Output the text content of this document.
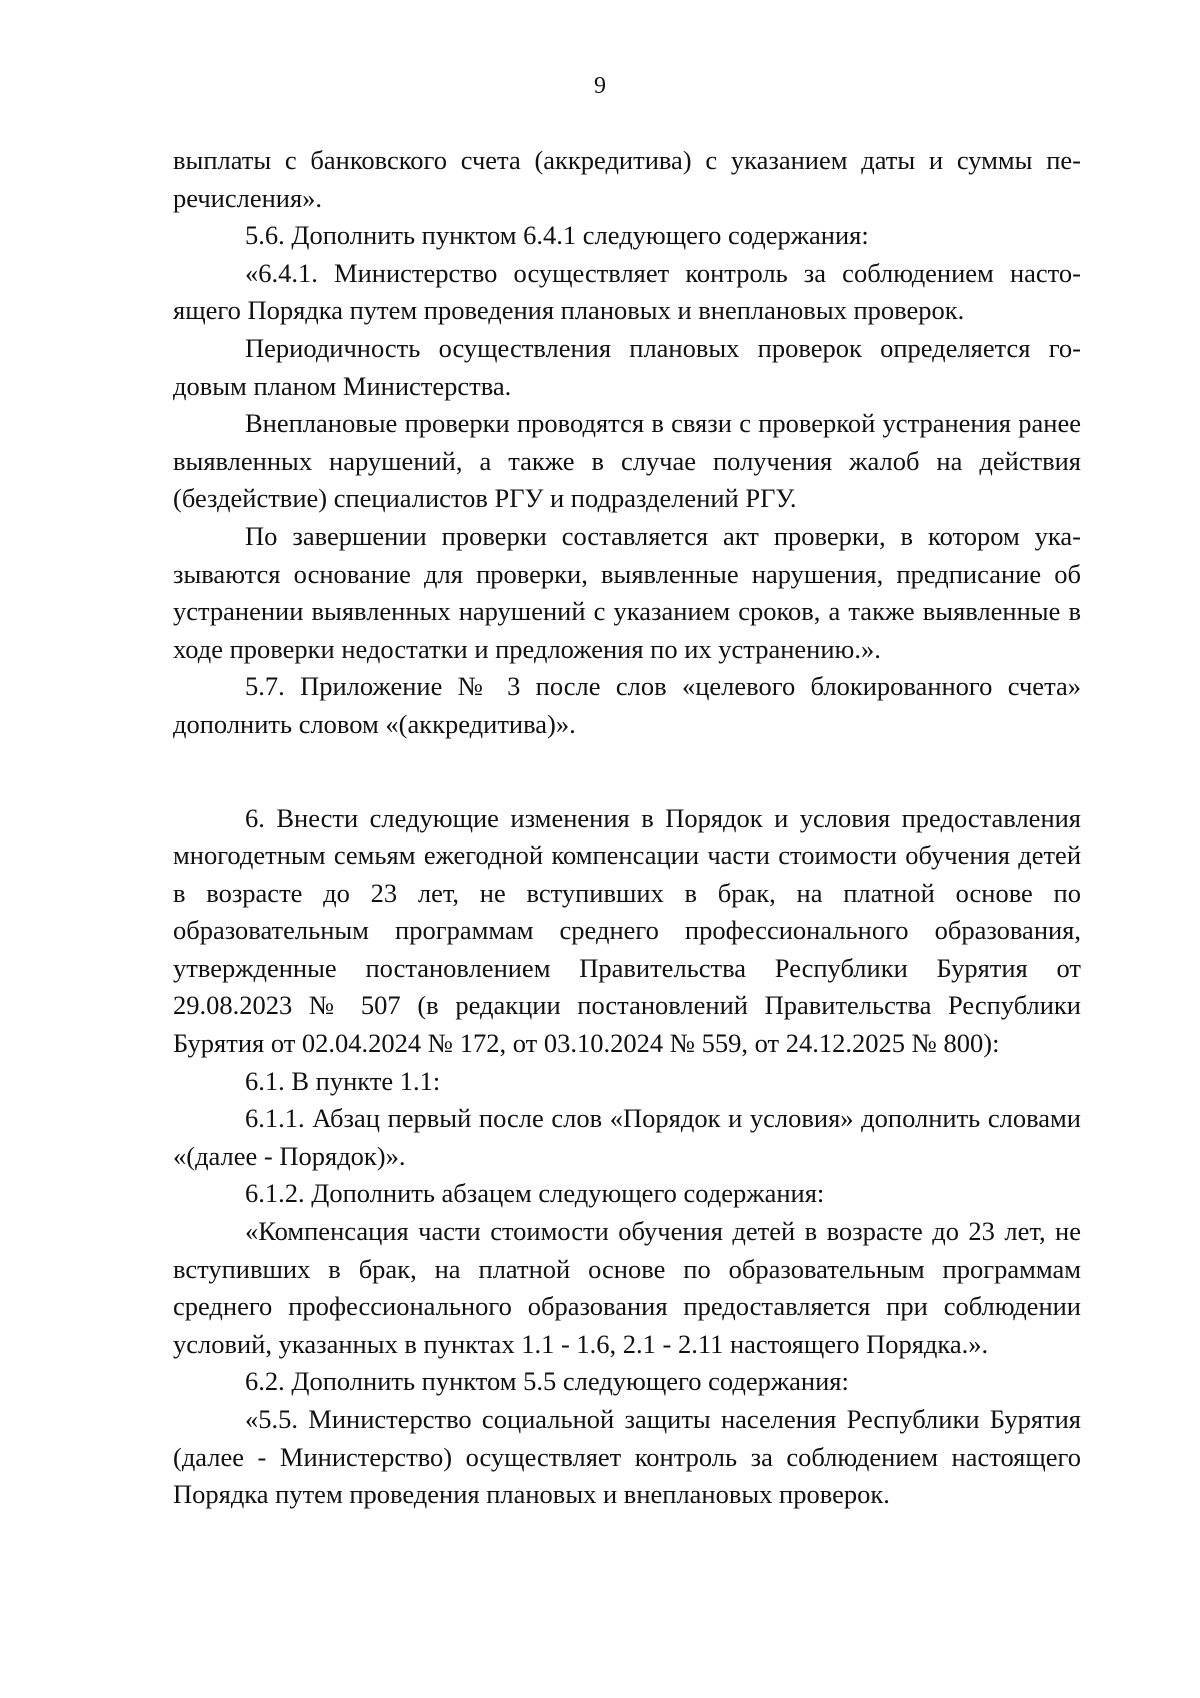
9

выплаты с банковского счета (аккредитива) с указанием даты и суммы перечисления».

5.6. Дополнить пунктом 6.4.1 следующего содержания:

«6.4.1. Министерство осуществляет контроль за соблюдением настоящего Порядка путем проведения плановых и внеплановых проверок.

Периодичность осуществления плановых проверок определяется годовым планом Министерства.

Внеплановые проверки проводятся в связи с проверкой устранения ранее выявленных нарушений, а также в случае получения жалоб на действия (бездействие) специалистов РГУ и подразделений РГУ.

По завершении проверки составляется акт проверки, в котором указываются основание для проверки, выявленные нарушения, предписание об устранении выявленных нарушений с указанием сроков, а также выявленные в ходе проверки недостатки и предложения по их устранению.».

5.7. Приложение № 3 после слов «целевого блокированного счета» дополнить словом «(аккредитива)».

6. Внести следующие изменения в Порядок и условия предоставления многодетным семьям ежегодной компенсации части стоимости обучения детей в возрасте до 23 лет, не вступивших в брак, на платной основе по образовательным программам среднего профессионального образования, утвержденные постановлением Правительства Республики Бурятия от 29.08.2023 № 507 (в редакции постановлений Правительства Республики Бурятия от 02.04.2024 № 172, от 03.10.2024 № 559, от 24.12.2025 № 800):

6.1. В пункте 1.1:

6.1.1. Абзац первый после слов «Порядок и условия» дополнить словами «(далее - Порядок)».

6.1.2. Дополнить абзацем следующего содержания:

«Компенсация части стоимости обучения детей в возрасте до 23 лет, не вступивших в брак, на платной основе по образовательным программам среднего профессионального образования предоставляется при соблюдении условий, указанных в пунктах 1.1 - 1.6, 2.1 - 2.11 настоящего Порядка.».

6.2. Дополнить пунктом 5.5 следующего содержания:

«5.5. Министерство социальной защиты населения Республики Бурятия (далее - Министерство) осуществляет контроль за соблюдением настоящего Порядка путем проведения плановых и внеплановых проверок.
